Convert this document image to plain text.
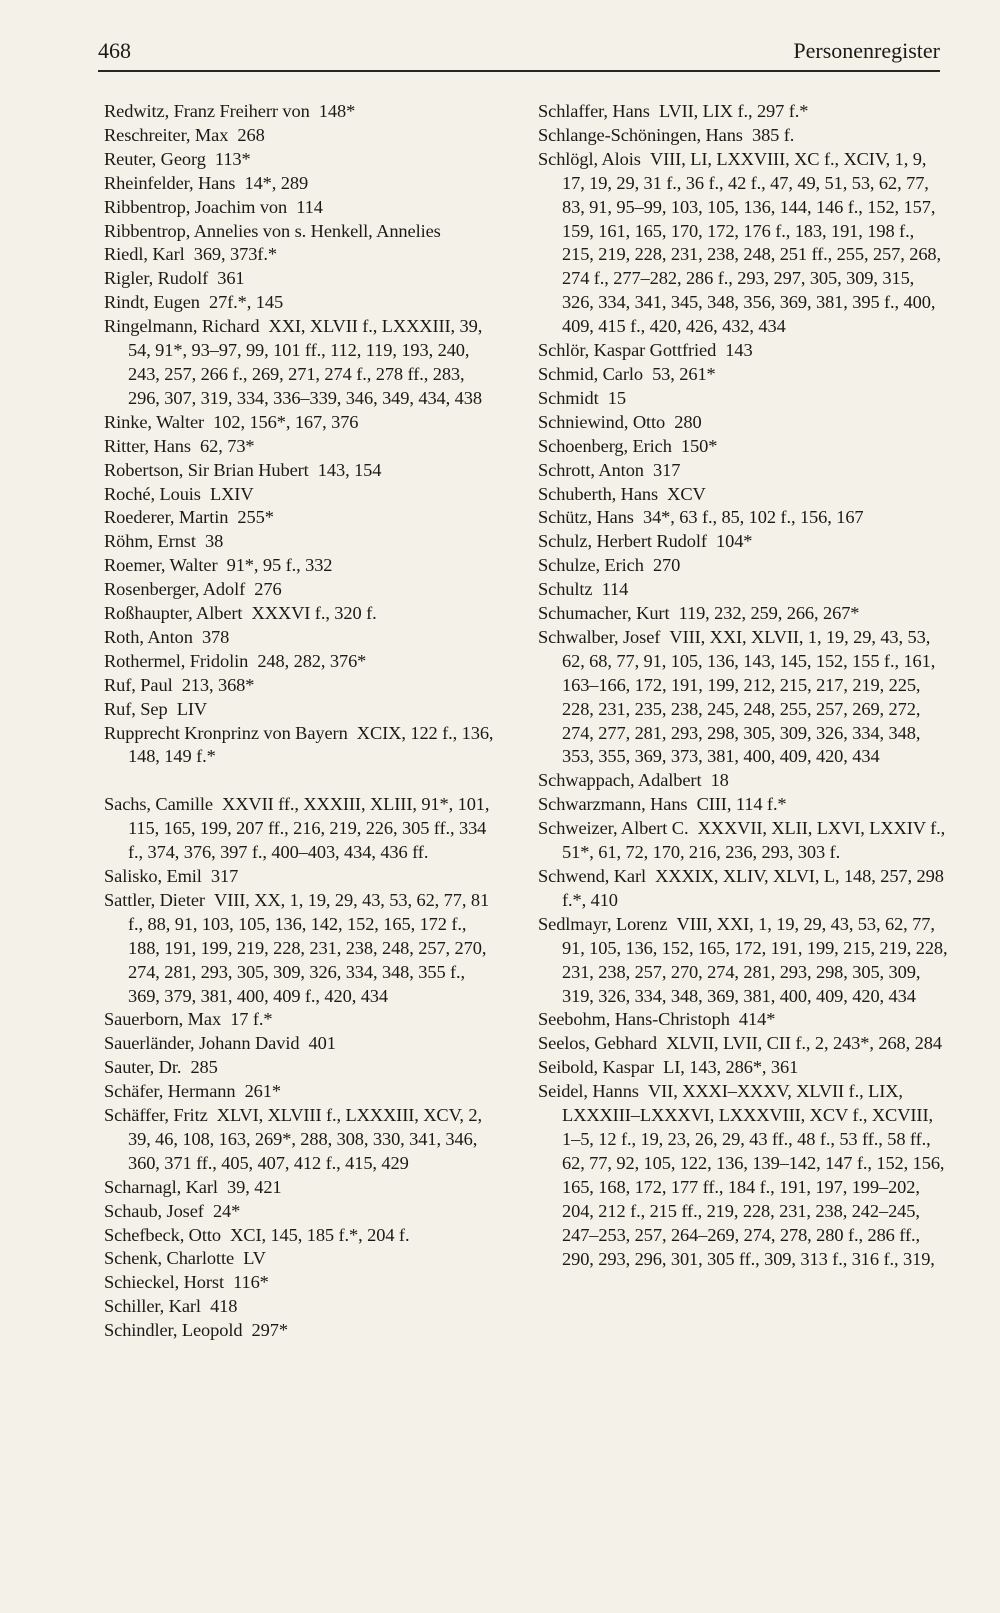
468	Personenregister
Redwitz, Franz Freiherr von  148*
Reschreiter, Max  268
Reuter, Georg  113*
Rheinfelder, Hans  14*, 289
Ribbentrop, Joachim von  114
Ribbentrop, Annelies von s. Henkell, Annelies
Riedl, Karl  369, 373f.*
Rigler, Rudolf  361
Rindt, Eugen  27f.*, 145
Ringelmann, Richard  XXI, XLVII f., LXXXIII, 39, 54, 91*, 93–97, 99, 101 ff., 112, 119, 193, 240, 243, 257, 266 f., 269, 271, 274 f., 278 ff., 283, 296, 307, 319, 334, 336–339, 346, 349, 434, 438
Rinke, Walter  102, 156*, 167, 376
Ritter, Hans  62, 73*
Robertson, Sir Brian Hubert  143, 154
Roché, Louis  LXIV
Roederer, Martin  255*
Röhm, Ernst  38
Roemer, Walter  91*, 95 f., 332
Rosenberger, Adolf  276
Roßhaupter, Albert  XXXVI f., 320 f.
Roth, Anton  378
Rothermel, Fridolin  248, 282, 376*
Ruf, Paul  213, 368*
Ruf, Sep  LIV
Rupprecht Kronprinz von Bayern  XCIX, 122 f., 136, 148, 149 f.*
Sachs, Camille  XXVII ff., XXXIII, XLIII, 91*, 101, 115, 165, 199, 207 ff., 216, 219, 226, 305 ff., 334 f., 374, 376, 397 f., 400–403, 434, 436 ff.
Salisko, Emil  317
Sattler, Dieter  VIII, XX, 1, 19, 29, 43, 53, 62, 77, 81 f., 88, 91, 103, 105, 136, 142, 152, 165, 172 f., 188, 191, 199, 219, 228, 231, 238, 248, 257, 270, 274, 281, 293, 305, 309, 326, 334, 348, 355 f., 369, 379, 381, 400, 409 f., 420, 434
Sauerborn, Max  17 f.*
Sauerländer, Johann David  401
Sauter, Dr.  285
Schäfer, Hermann  261*
Schäffer, Fritz  XLVI, XLVIII f., LXXXIII, XCV, 2, 39, 46, 108, 163, 269*, 288, 308, 330, 341, 346, 360, 371 ff., 405, 407, 412 f., 415, 429
Scharnagl, Karl  39, 421
Schaub, Josef  24*
Schefbeck, Otto  XCI, 145, 185 f.*, 204 f.
Schenk, Charlotte  LV
Schieckel, Horst  116*
Schiller, Karl  418
Schindler, Leopold  297*
Schlaffer, Hans  LVII, LIX f., 297 f.*
Schlange-Schöningen, Hans  385 f.
Schlögl, Alois  VIII, LI, LXXVIII, XC f., XCIV, 1, 9, 17, 19, 29, 31 f., 36 f., 42 f., 47, 49, 51, 53, 62, 77, 83, 91, 95–99, 103, 105, 136, 144, 146 f., 152, 157, 159, 161, 165, 170, 172, 176 f., 183, 191, 198 f., 215, 219, 228, 231, 238, 248, 251 ff., 255, 257, 268, 274 f., 277–282, 286 f., 293, 297, 305, 309, 315, 326, 334, 341, 345, 348, 356, 369, 381, 395 f., 400, 409, 415 f., 420, 426, 432, 434
Schlör, Kaspar Gottfried  143
Schmid, Carlo  53, 261*
Schmidt  15
Schniewind, Otto  280
Schoenberg, Erich  150*
Schrott, Anton  317
Schuberth, Hans  XCV
Schütz, Hans  34*, 63 f., 85, 102 f., 156, 167
Schulz, Herbert Rudolf  104*
Schulze, Erich  270
Schultz  114
Schumacher, Kurt  119, 232, 259, 266, 267*
Schwalber, Josef  VIII, XXI, XLVII, 1, 19, 29, 43, 53, 62, 68, 77, 91, 105, 136, 143, 145, 152, 155 f., 161, 163–166, 172, 191, 199, 212, 215, 217, 219, 225, 228, 231, 235, 238, 245, 248, 255, 257, 269, 272, 274, 277, 281, 293, 298, 305, 309, 326, 334, 348, 353, 355, 369, 373, 381, 400, 409, 420, 434
Schwappach, Adalbert  18
Schwarzmann, Hans  CIII, 114 f.*
Schweizer, Albert C.  XXXVII, XLII, LXVI, LXXIV f., 51*, 61, 72, 170, 216, 236, 293, 303 f.
Schwend, Karl  XXXIX, XLIV, XLVI, L, 148, 257, 298 f.*, 410
Sedlmayr, Lorenz  VIII, XXI, 1, 19, 29, 43, 53, 62, 77, 91, 105, 136, 152, 165, 172, 191, 199, 215, 219, 228, 231, 238, 257, 270, 274, 281, 293, 298, 305, 309, 319, 326, 334, 348, 369, 381, 400, 409, 420, 434
Seebohm, Hans-Christoph  414*
Seelos, Gebhard  XLVII, LVII, CII f., 2, 243*, 268, 284
Seibold, Kaspar  LI, 143, 286*, 361
Seidel, Hanns  VII, XXXI–XXXV, XLVII f., LIX, LXXXIII–LXXXVI, LXXXVIII, XCV f., XCVIII, 1–5, 12 f., 19, 23, 26, 29, 43 ff., 48 f., 53 ff., 58 ff., 62, 77, 92, 105, 122, 136, 139–142, 147 f., 152, 156, 165, 168, 172, 177 ff., 184 f., 191, 197, 199–202, 204, 212 f., 215 ff., 219, 228, 231, 238, 242–245, 247–253, 257, 264–269, 274, 278, 280 f., 286 ff., 290, 293, 296, 301, 305 ff., 309, 313 f., 316 f., 319,
